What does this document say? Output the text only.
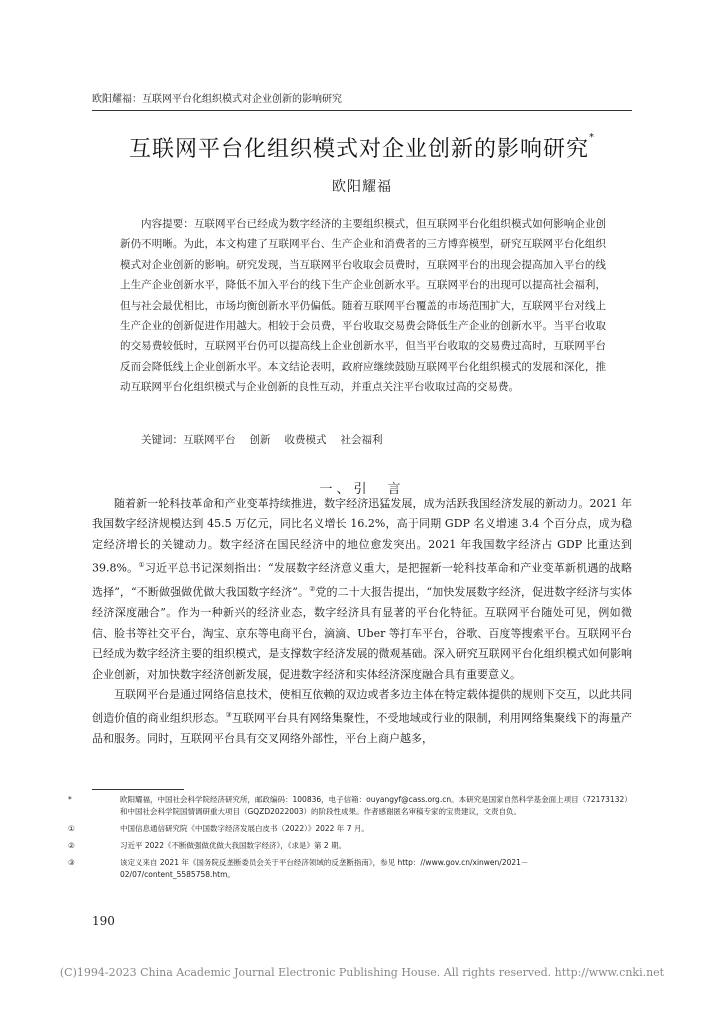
欧阳耀福：互联网平台化组织模式对企业创新的影响研究
互联网平台化组织模式对企业创新的影响研究*
欧阳耀福

内容提要：互联网平台已经成为数字经济的主要组织模式，但互联网平台化组织模式如何影响企业创新仍不明晰。为此，本文构建了互联网平台、生产企业和消费者的三方博弈模型，研究互联网平台化组织模式对企业创新的影响。研究发现，当互联网平台收取会员费时，互联网平台的出现会提高加入平台的线上生产企业创新水平，降低不加入平台的线下生产企业创新水平。互联网平台的出现可以提高社会福利，但与社会最优相比，市场均衡创新水平仍偏低。随着互联网平台覆盖的市场范围扩大，互联网平台对线上生产企业的创新促进作用越大。相较于会员费，平台收取交易费会降低生产企业的创新水平。当平台收取的交易费较低时，互联网平台仍可以提高线上企业创新水平，但当平台收取的交易费过高时，互联网平台反而会降低线上企业创新水平。本文结论表明，政府应继续鼓励互联网平台化组织模式的发展和深化，推动互联网平台化组织模式与企业创新的良性互动，并重点关注平台收取过高的交易费。

关键词：互联网平台 创新 收费模式 社会福利

一、引　言

随着新一轮科技革命和产业变革持续推进，数字经济迅猛发展，成为活跃我国经济发展的新动力。2021 年我国数字经济规模达到 45.5 万亿元，同比名义增长 16.2%，高于同期 GDP 名义增速 3.4 个百分点，成为稳定经济增长的关键动力。数字经济在国民经济中的地位愈发突出。2021 年我国数字经济占 GDP 比重达到39.8%。①习近平总书记深刻指出：“发展数字经济意义重大，是把握新一轮科技革命和产业变革新机遇的战略选择”，“不断做强做优做大我国数字经济”。②党的二十大报告提出，“加快发展数字经济，促进数字经济与实体经济深度融合”。作为一种新兴的经济业态，数字经济具有显著的平台化特征。互联网平台随处可见，例如微信、脸书等社交平台，淘宝、京东等电商平台，滴滴、Uber 等打车平台，谷歌、百度等搜索平台。互联网平台已经成为数字经济主要的组织模式，是支撑数字经济发展的微观基础。深入研究互联网平台化组织模式如何影响企业创新，对加快数字经济创新发展，促进数字经济和实体经济深度融合具有重要意义。

互联网平台是通过网络信息技术，使相互依赖的双边或者多边主体在特定载体提供的规则下交互，以此共同创造价值的商业组织形态。③互联网平台具有网络集聚性，不受地域或行业的限制，利用网络集聚线下的海量产品和服务。同时，互联网平台具有交叉网络外部性，平台上商户越多，

*	欧阳耀福，中国社会科学院经济研究所，邮政编码：100836，电子信箱：ouyangyf@cass.org.cn。本研究是国家自然科学基金面上项目（72173132）和中国社会科学院国情调研重大项目（GQZD2022003）的阶段性成果。作者感谢匿名审稿专家的宝贵建议，文责自负。

①	中国信息通信研究院《中国数字经济发展白皮书（2022）》2022 年 7 月。

②	习近平 2022《不断做强做优做大我国数字经济》，《求是》第 2 期。

③	该定义来自 2021 年《国务院反垄断委员会关于平台经济领域的反垄断指南》，参见 http：//www.gov.cn/xinwen/2021－02/07/content_5585758.htm。

190
(C)1994-2023 China Academic Journal Electronic Publishing House. All rights reserved. http://www.cnki.net
